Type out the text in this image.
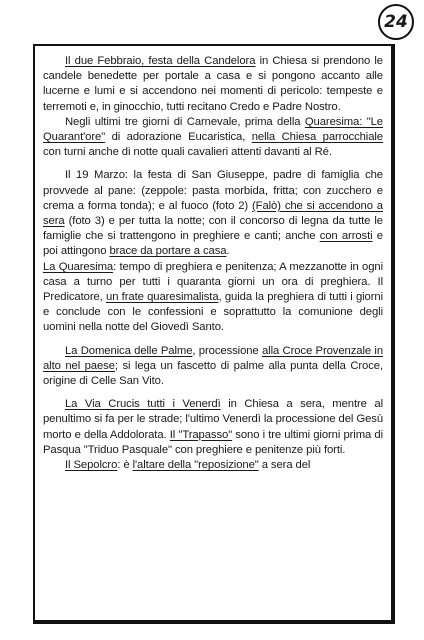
24

Il due Febbraio, festa della Candelora in Chiesa si prendono le candele benedette per portale a casa e si pongono accanto alle lucerne e lumi e si accendono nei momenti di pericolo: tempeste e terremoti e, in ginocchio, tutti recitano Credo e Padre Nostro.

Negli ultimi tre giorni di Carnevale, prima della Quaresima: "Le Quarant'ore" di adorazione Eucaristica, nella Chiesa parrocchiale con turni anche di notte quali cavalieri attenti davanti al Ré.

Il 19 Marzo: la festa di San Giuseppe, padre di famiglia che provvede al pane: (zeppole: pasta morbida, fritta; con zucchero e crema a forma tonda); e al fuoco (foto 2) (Falò) che si accendono a sera (foto 3) e per tutta la notte; con il concorso di legna da tutte le famiglie che si trattengono in preghiere e canti; anche con arrosti e poi attingono brace da portare a casa.

La Quaresima: tempo di preghiera e penitenza; A mezzanotte in ogni casa a turno per tutti i quaranta giorni un ora di preghiera. Il Predicatore, un frate quaresimalista, guida la preghiera di tutti i giorni e conclude con le confessioni e soprattutto la comunione degli uomini nella notte del Giovedì Santo.

La Domenica delle Palme, processione alla Croce Provenzale in alto nel paese; si lega un fascetto di palme alla punta della Croce, origine di Celle San Vito.

La Via Crucis tutti i Venerdì in Chiesa a sera, mentre al penultimo si fa per le strade; l'ultimo Venerdì la processione del Gesù morto e della Addolorata. Il "Trapasso" sono i tre ultimi giorni prima di Pasqua "Triduo Pasquale" con preghiere e penitenze più forti.

Il Sepolcro: è l'altare della "reposizione" a sera del
